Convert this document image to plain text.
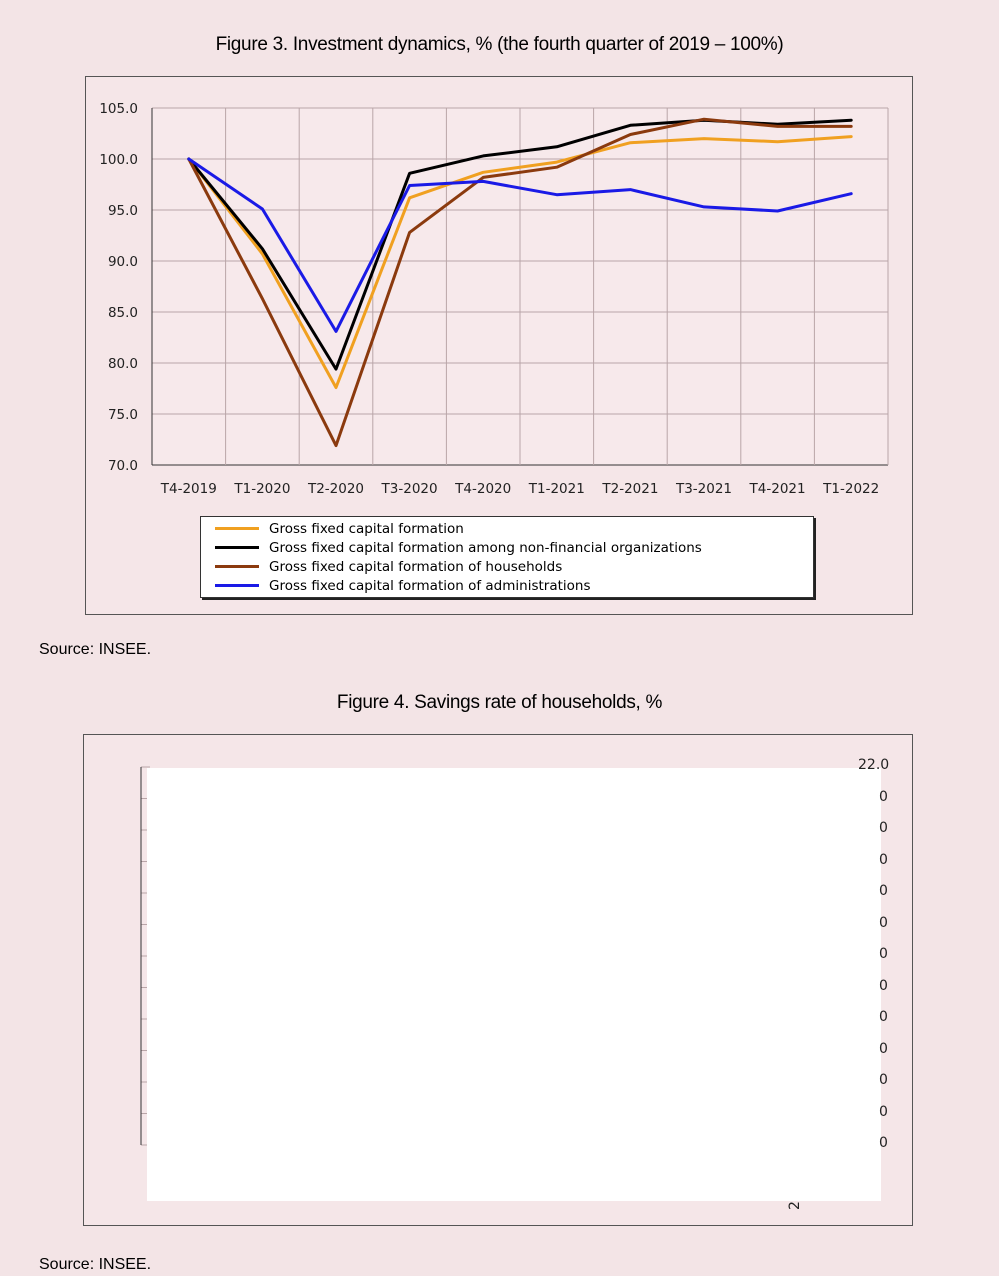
Figure 3. Investment dynamics, % (the fourth quarter of 2019 – 100%)
105.0
100.0
95.0
90.0
85.0
80.0
75.0
70.0
T4-2019 T1-2020 T2-2020 T3-2020 T4-2020 T1-2021 T2-2021 T3-2021 T4-2021 T1-2022
Gross fixed capital formation
Gross fixed capital formation among non-financial organizations
Gross fixed capital formation of households
Gross fixed capital formation of administrations
Source: INSEE.
Figure 4. Savings rate of households, %
22.0
0
0
0
0
0
0
0
0
0
0
0
0
2
Source: INSEE.
